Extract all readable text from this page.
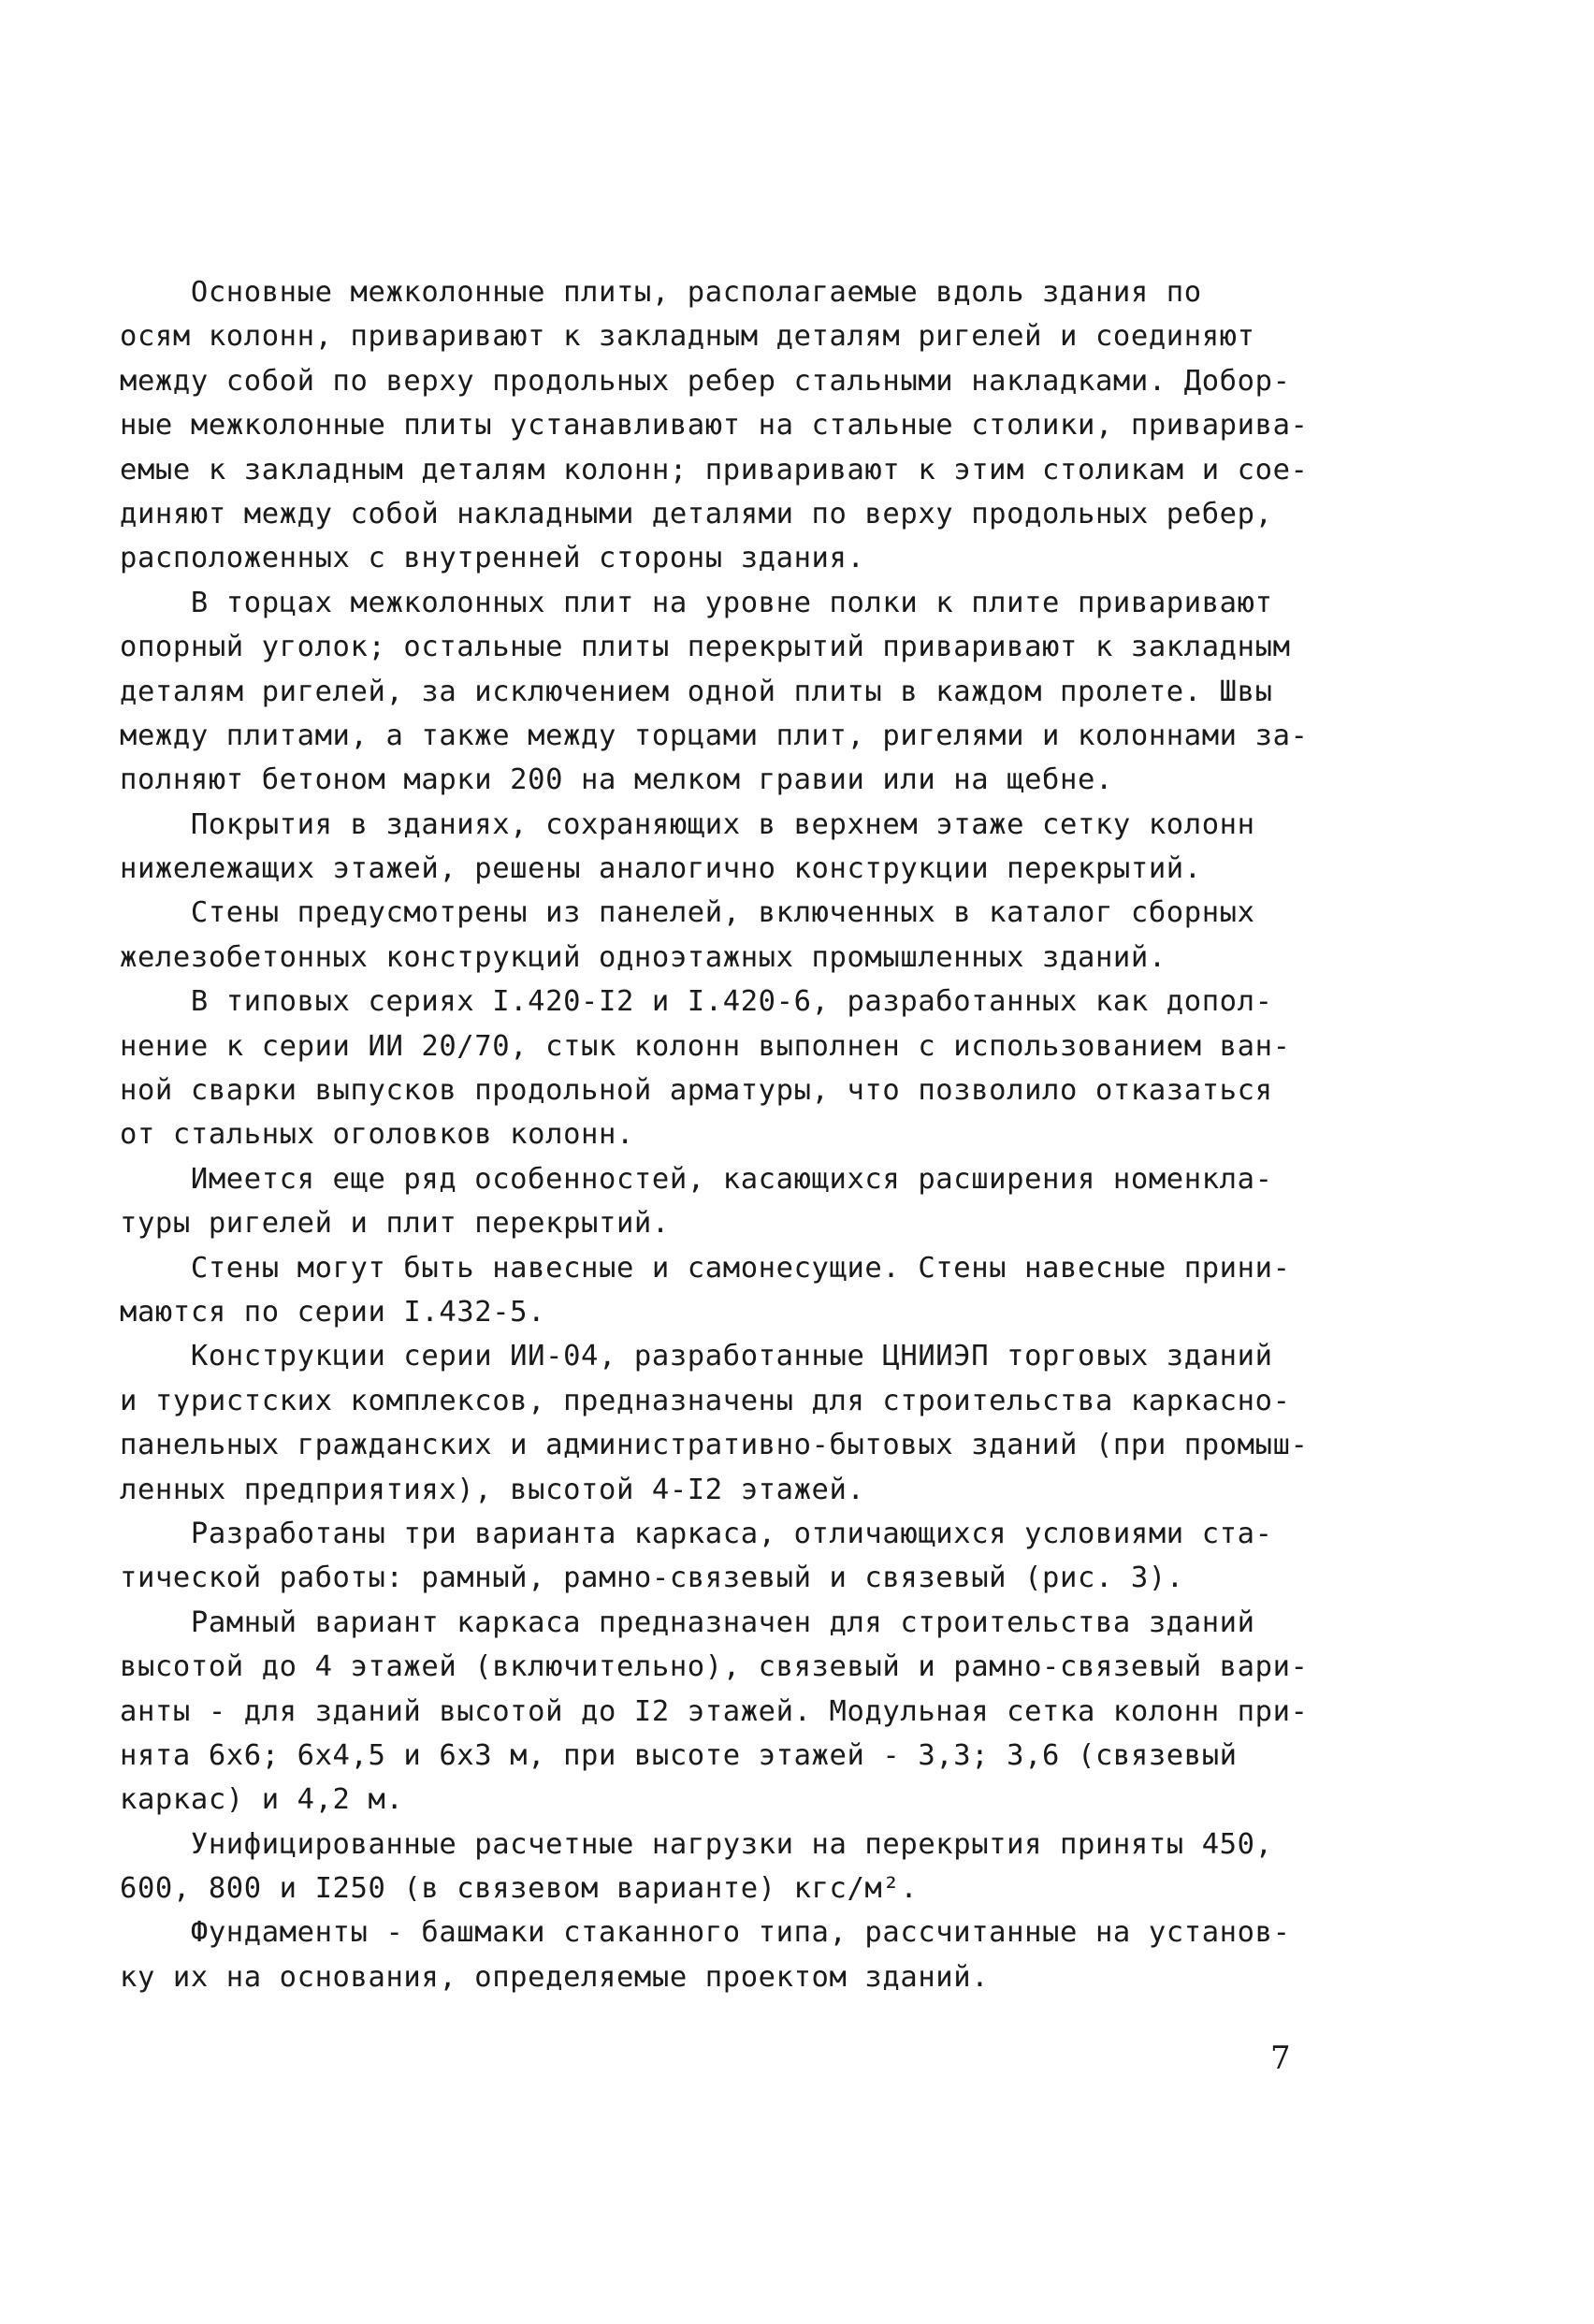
Основные межколонные плиты, располагаемые вдоль здания по
осям колонн, приваривают к закладным деталям ригелей и соединяют
между собой по верху продольных ребер стальными накладками. Добор-
ные межколонные плиты устанавливают на стальные столики, приварива-
емые к закладным деталям колонн; приваривают к этим столикам и сое-
диняют между собой накладными деталями по верху продольных ребер,
расположенных с внутренней стороны здания.
В торцах межколонных плит на уровне полки к плите приваривают
опорный уголок; остальные плиты перекрытий приваривают к закладным
деталям ригелей, за исключением одной плиты в каждом пролете. Швы
между плитами, а также между торцами плит, ригелями и колоннами за-
полняют бетоном марки 200 на мелком гравии или на щебне.
Покрытия в зданиях, сохраняющих в верхнем этаже сетку колонн
нижележащих этажей, решены аналогично конструкции перекрытий.
Стены предусмотрены из панелей, включенных в каталог сборных
железобетонных конструкций одноэтажных промышленных зданий.
В типовых сериях I.420-I2 и I.420-6, разработанных как допол-
нение к серии ИИ 20/70, стык колонн выполнен с использованием ван-
ной сварки выпусков продольной арматуры, что позволило отказаться
от стальных оголовков колонн.
Имеется еще ряд особенностей, касающихся расширения номенкла-
туры ригелей и плит перекрытий.
Стены могут быть навесные и самонесущие. Стены навесные прини-
маются по серии I.432-5.
Конструкции серии ИИ-04, разработанные ЦНИИЭП торговых зданий
и туристских комплексов, предназначены для строительства каркасно-
панельных гражданских и административно-бытовых зданий (при промыш-
ленных предприятиях), высотой 4-I2 этажей.
Разработаны три варианта каркаса, отличающихся условиями ста-
тической работы: рамный, рамно-связевый и связевый (рис. 3).
Рамный вариант каркаса предназначен для строительства зданий
высотой до 4 этажей (включительно), связевый и рамно-связевый вари-
анты - для зданий высотой до I2 этажей. Модульная сетка колонн при-
нята 6х6; 6х4,5 и 6х3 м, при высоте этажей - 3,3; 3,6 (связевый
каркас) и 4,2 м.
Унифицированные расчетные нагрузки на перекрытия приняты 450,
600, 800 и I250 (в связевом варианте) кгс/м².
Фундаменты - башмаки стаканного типа, рассчитанные на установ-
ку их на основания, определяемые проектом зданий.
7
